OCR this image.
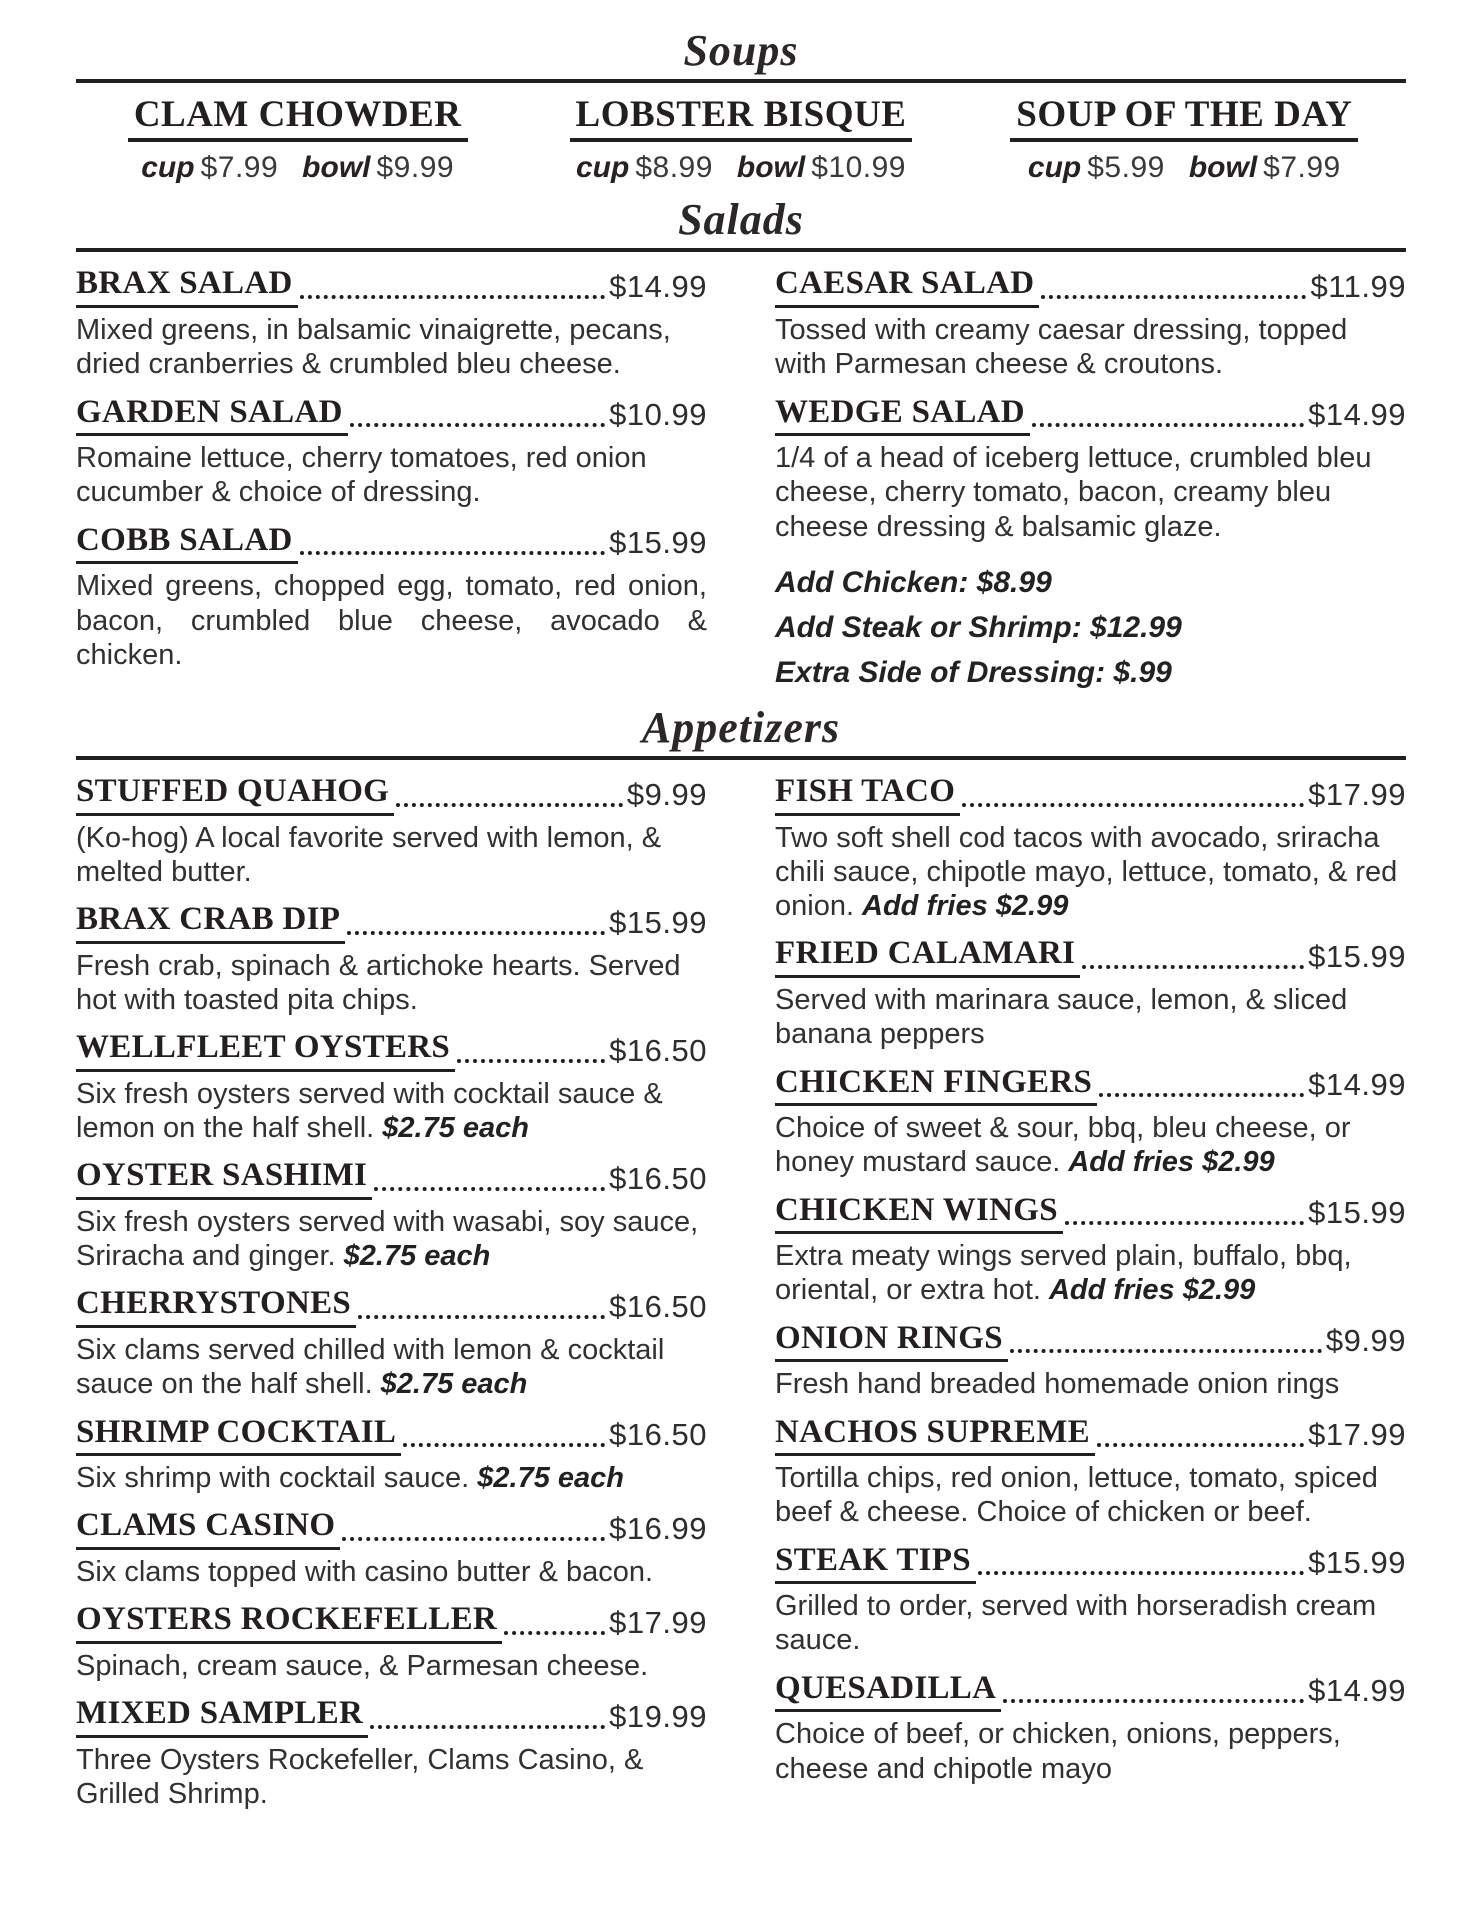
Soups
CLAM CHOWDER
cup $7.99 bowl $9.99
LOBSTER BISQUE
cup $8.99 bowl $10.99
SOUP OF THE DAY
cup $5.99 bowl $7.99
Salads
BRAX SALAD	$14.99

Mixed greens, in balsamic vinaigrette, pecans, dried cranberries & crumbled bleu cheese.

GARDEN SALAD	$10.99

Romaine lettuce, cherry tomatoes, red onion cucumber & choice of dressing.

COBB SALAD	$15.99

Mixed greens, chopped egg, tomato, red onion, bacon, crumbled blue cheese, avocado & chicken.

CAESAR SALAD	$11.99

Tossed with creamy caesar dressing, topped with Parmesan cheese & croutons.

WEDGE SALAD	$14.99

1/4 of a head of iceberg lettuce, crumbled bleu cheese, cherry tomato, bacon, creamy bleu cheese dressing & balsamic glaze.

Add Chicken: $8.99

Add Steak or Shrimp: $12.99

Extra Side of Dressing: $.99

Appetizers
STUFFED QUAHOG	$9.99

(Ko-hog) A local favorite served with lemon, & melted butter.

BRAX CRAB DIP	$15.99

Fresh crab, spinach & artichoke hearts. Served hot with toasted pita chips.

WELLFLEET OYSTERS	$16.50

Six fresh oysters served with cocktail sauce & lemon on the half shell. $2.75 each

OYSTER SASHIMI	$16.50

Six fresh oysters served with wasabi, soy sauce, Sriracha and ginger. $2.75 each

CHERRYSTONES	$16.50

Six clams served chilled with lemon & cocktail sauce on the half shell. $2.75 each

SHRIMP COCKTAIL	$16.50

Six shrimp with cocktail sauce. $2.75 each

CLAMS CASINO	$16.99

Six clams topped with casino butter & bacon.

OYSTERS ROCKEFELLER	$17.99

Spinach, cream sauce, & Parmesan cheese.

MIXED SAMPLER	$19.99

Three Oysters Rockefeller, Clams Casino, & Grilled Shrimp.

FISH TACO	$17.99

Two soft shell cod tacos with avocado, sriracha chili sauce, chipotle mayo, lettuce, tomato, & red onion. Add fries $2.99

FRIED CALAMARI	$15.99

Served with marinara sauce, lemon, & sliced banana peppers

CHICKEN FINGERS	$14.99

Choice of sweet & sour, bbq, bleu cheese, or honey mustard sauce. Add fries $2.99

CHICKEN WINGS	$15.99

Extra meaty wings served plain, buffalo, bbq, oriental, or extra hot. Add fries $2.99

ONION RINGS	$9.99

Fresh hand breaded homemade onion rings

NACHOS SUPREME	$17.99

Tortilla chips, red onion, lettuce, tomato, spiced beef & cheese. Choice of chicken or beef.

STEAK TIPS	$15.99

Grilled to order, served with horseradish cream sauce.

QUESADILLA	$14.99

Choice of beef, or chicken, onions, peppers, cheese and chipotle mayo
